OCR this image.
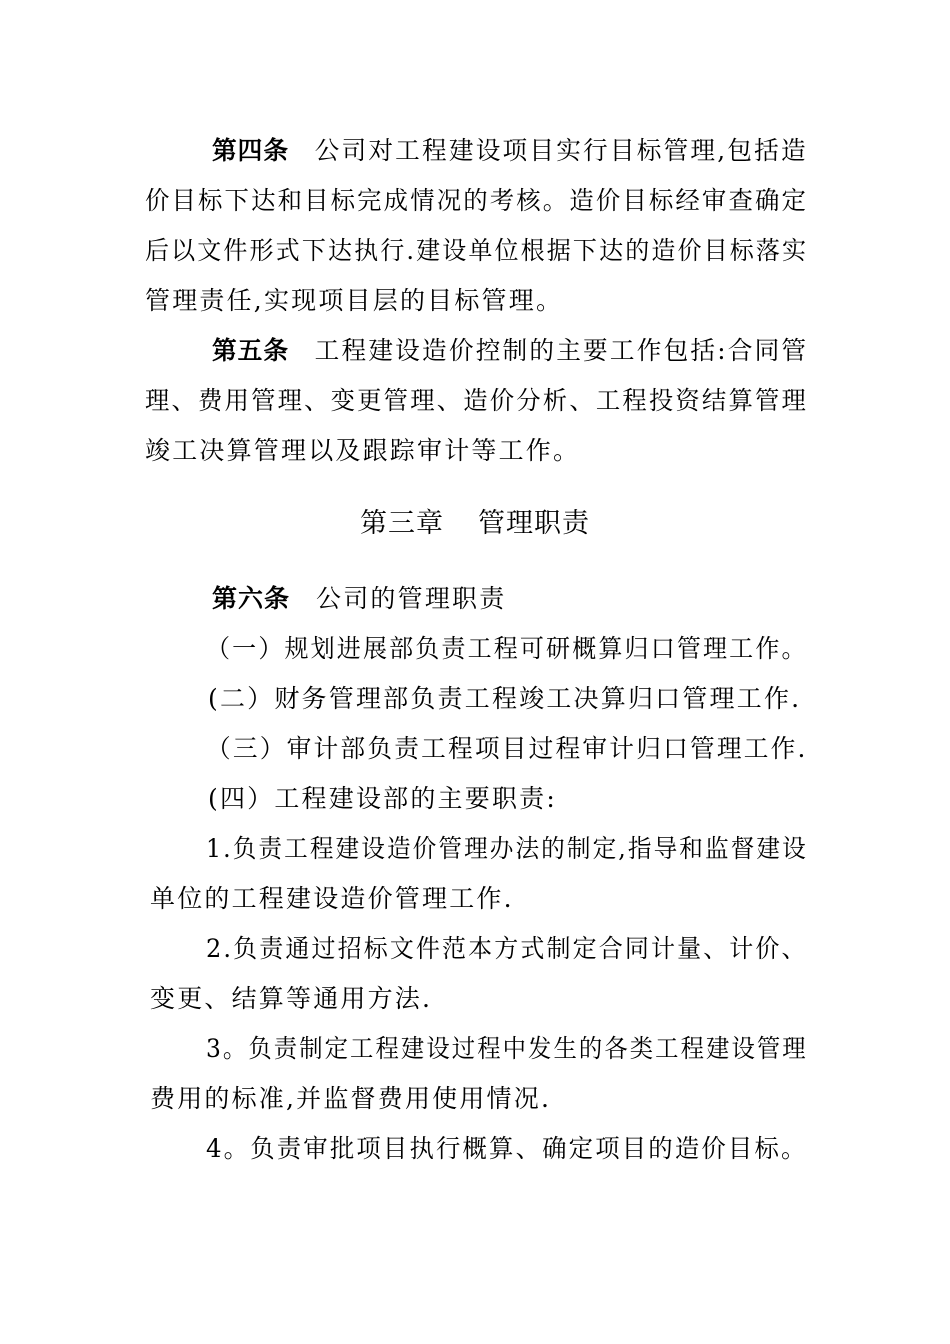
第四条 公司对工程建设项目实行目标管理,包括造
价目标下达和目标完成情况的考核。造价目标经审查确定
后以文件形式下达执行.建设单位根据下达的造价目标落实
管理责任,实现项目层的目标管理。
第五条 工程建设造价控制的主要工作包括:合同管
理、费用管理、变更管理、造价分析、工程投资结算管理
竣工决算管理以及跟踪审计等工作。
第三章 管理职责
第六条 公司的管理职责
（一）规划进展部负责工程可研概算归口管理工作。
(二）财务管理部负责工程竣工决算归口管理工作.
（三）审计部负责工程项目过程审计归口管理工作.
(四）工程建设部的主要职责:
1.负责工程建设造价管理办法的制定,指导和监督建设
单位的工程建设造价管理工作.
2.负责通过招标文件范本方式制定合同计量、计价、
变更、结算等通用方法.
3。负责制定工程建设过程中发生的各类工程建设管理
费用的标准,并监督费用使用情况.
4。负责审批项目执行概算、确定项目的造价目标。
